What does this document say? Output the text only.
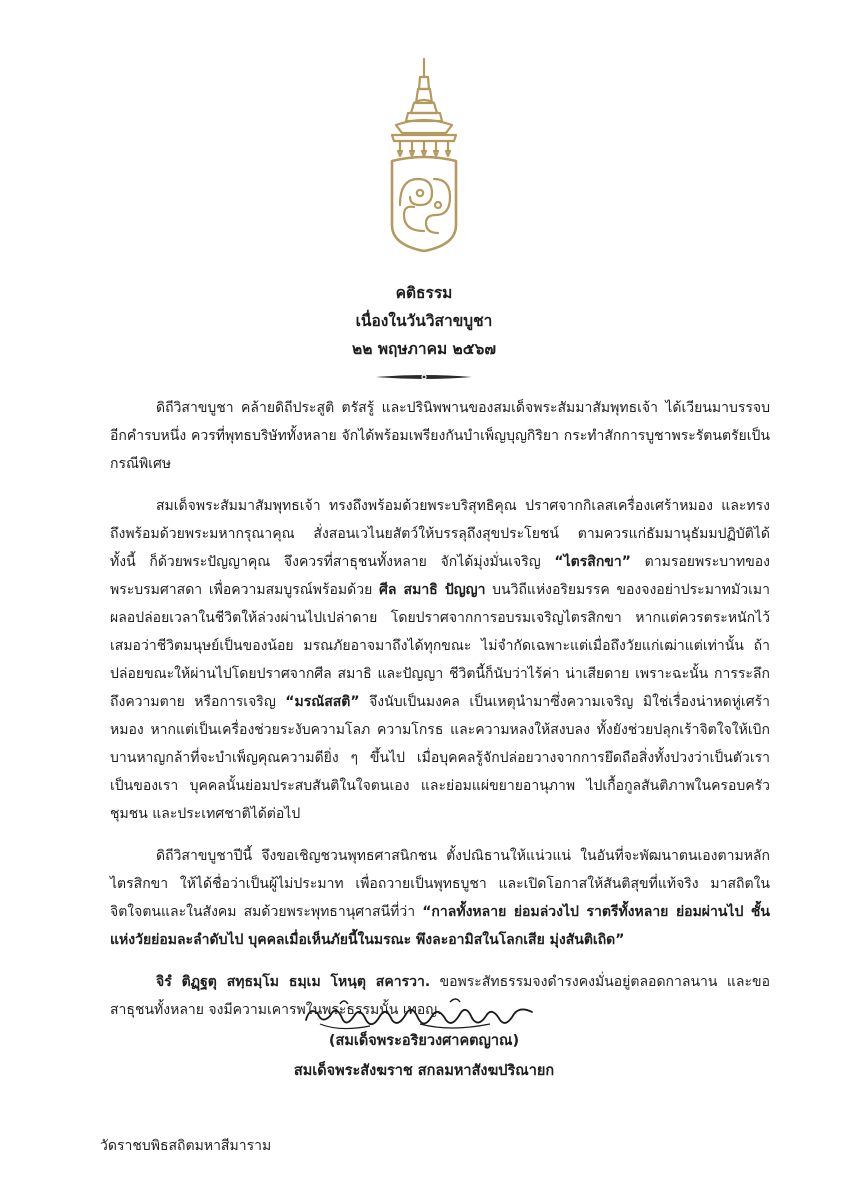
คติธรรม
เนื่องในวันวิสาขบูชา
๒๒ พฤษภาคม ๒๕๖๗

ดิถีวิสาขบูชา คล้ายดิถีประสูติ ตรัสรู้ และปรินิพพานของสมเด็จพระสัมมาสัมพุทธเจ้า ได้เวียนมาบรรจบอีกคำรบหนึ่ง ควรที่พุทธบริษัททั้งหลาย จักได้พร้อมเพรียงกันบำเพ็ญบุญกิริยา กระทำสักการบูชาพระรัตนตรัยเป็นกรณีพิเศษ

สมเด็จพระสัมมาสัมพุทธเจ้า ทรงถึงพร้อมด้วยพระบริสุทธิคุณ ปราศจากกิเลสเครื่องเศร้าหมอง และทรงถึงพร้อมด้วยพระมหากรุณาคุณ สั่งสอนเวไนยสัตว์ให้บรรลุถึงสุขประโยชน์ ตามควรแก่ธัมมานุธัมมปฏิบัติได้ ทั้งนี้ ก็ด้วยพระปัญญาคุณ จึงควรที่สาธุชนทั้งหลาย จักได้มุ่งมั่นเจริญ “ไตรสิกขา” ตามรอยพระบาทของพระบรมศาสดา เพื่อความสมบูรณ์พร้อมด้วย ศีล สมาธิ ปัญญา บนวิถีแห่งอริยมรรค ของจงอย่าประมาทมัวเมา ผลอปล่อยเวลาในชีวิตให้ล่วงผ่านไปเปล่าดาย โดยปราศจากการอบรมเจริญไตรสิกขา หากแต่ควรตระหนักไว้เสมอว่าชีวิตมนุษย์เป็นของน้อย มรณภัยอาจมาถึงได้ทุกขณะ ไม่จำกัดเฉพาะแต่เมื่อถึงวัยแก่เฒ่าแต่เท่านั้น ถ้าปล่อยขณะให้ผ่านไปโดยปราศจากศีล สมาธิ และปัญญา ชีวิตนี้ก็นับว่าไร้ค่า น่าเสียดาย เพราะฉะนั้น การระลึกถึงความตาย หรือการเจริญ “มรณัสสติ” จึงนับเป็นมงคล เป็นเหตุนำมาซึ่งความเจริญ มิใช่เรื่องน่าหดหู่เศร้าหมอง หากแต่เป็นเครื่องช่วยระงับความโลภ ความโกรธ และความหลงให้สงบลง ทั้งยังช่วยปลุกเร้าจิตใจให้เบิกบานหาญกล้าที่จะบำเพ็ญคุณความดียิ่ง ๆ ขึ้นไป เมื่อบุคคลรู้จักปล่อยวางจากการยึดถือสิ่งทั้งปวงว่าเป็นตัวเรา เป็นของเรา บุคคลนั้นย่อมประสบสันติในใจตนเอง และย่อมแผ่ขยายอานุภาพ ไปเกื้อกูลสันติภาพในครอบครัว ชุมชน และประเทศชาติได้ต่อไป

ดิถีวิสาขบูชาปีนี้ จึงขอเชิญชวนพุทธศาสนิกชน ตั้งปณิธานให้แน่วแน่ ในอันที่จะพัฒนาตนเองตามหลักไตรสิกขา ให้ได้ชื่อว่าเป็นผู้ไม่ประมาท เพื่อถวายเป็นพุทธบูชา และเปิดโอกาสให้สันติสุขที่แท้จริง มาสถิตในจิตใจตนและในสังคม สมด้วยพระพุทธานุศาสนีที่ว่า “กาลทั้งหลาย ย่อมล่วงไป ราตรีทั้งหลาย ย่อมผ่านไป ชั้นแห่งวัยย่อมละลำดับไป บุคคลเมื่อเห็นภัยนี้ในมรณะ พึงละอามิสในโลกเสีย มุ่งสันติเถิด”

จิรํ ติฏฺฐตุ สทฺธมฺโม ธมฺเม โหนฺตุ สคารวา. ขอพระสัทธรรมจงดำรงคงมั่นอยู่ตลอดกาลนาน และขอสาธุชนทั้งหลาย จงมีความเคารพในพระธรรมนั้น เทอญ.

(สมเด็จพระอริยวงศาคตญาณ)
สมเด็จพระสังฆราช สกลมหาสังฆปริณายก
วัดราชบพิธสถิตมหาสีมาราม
